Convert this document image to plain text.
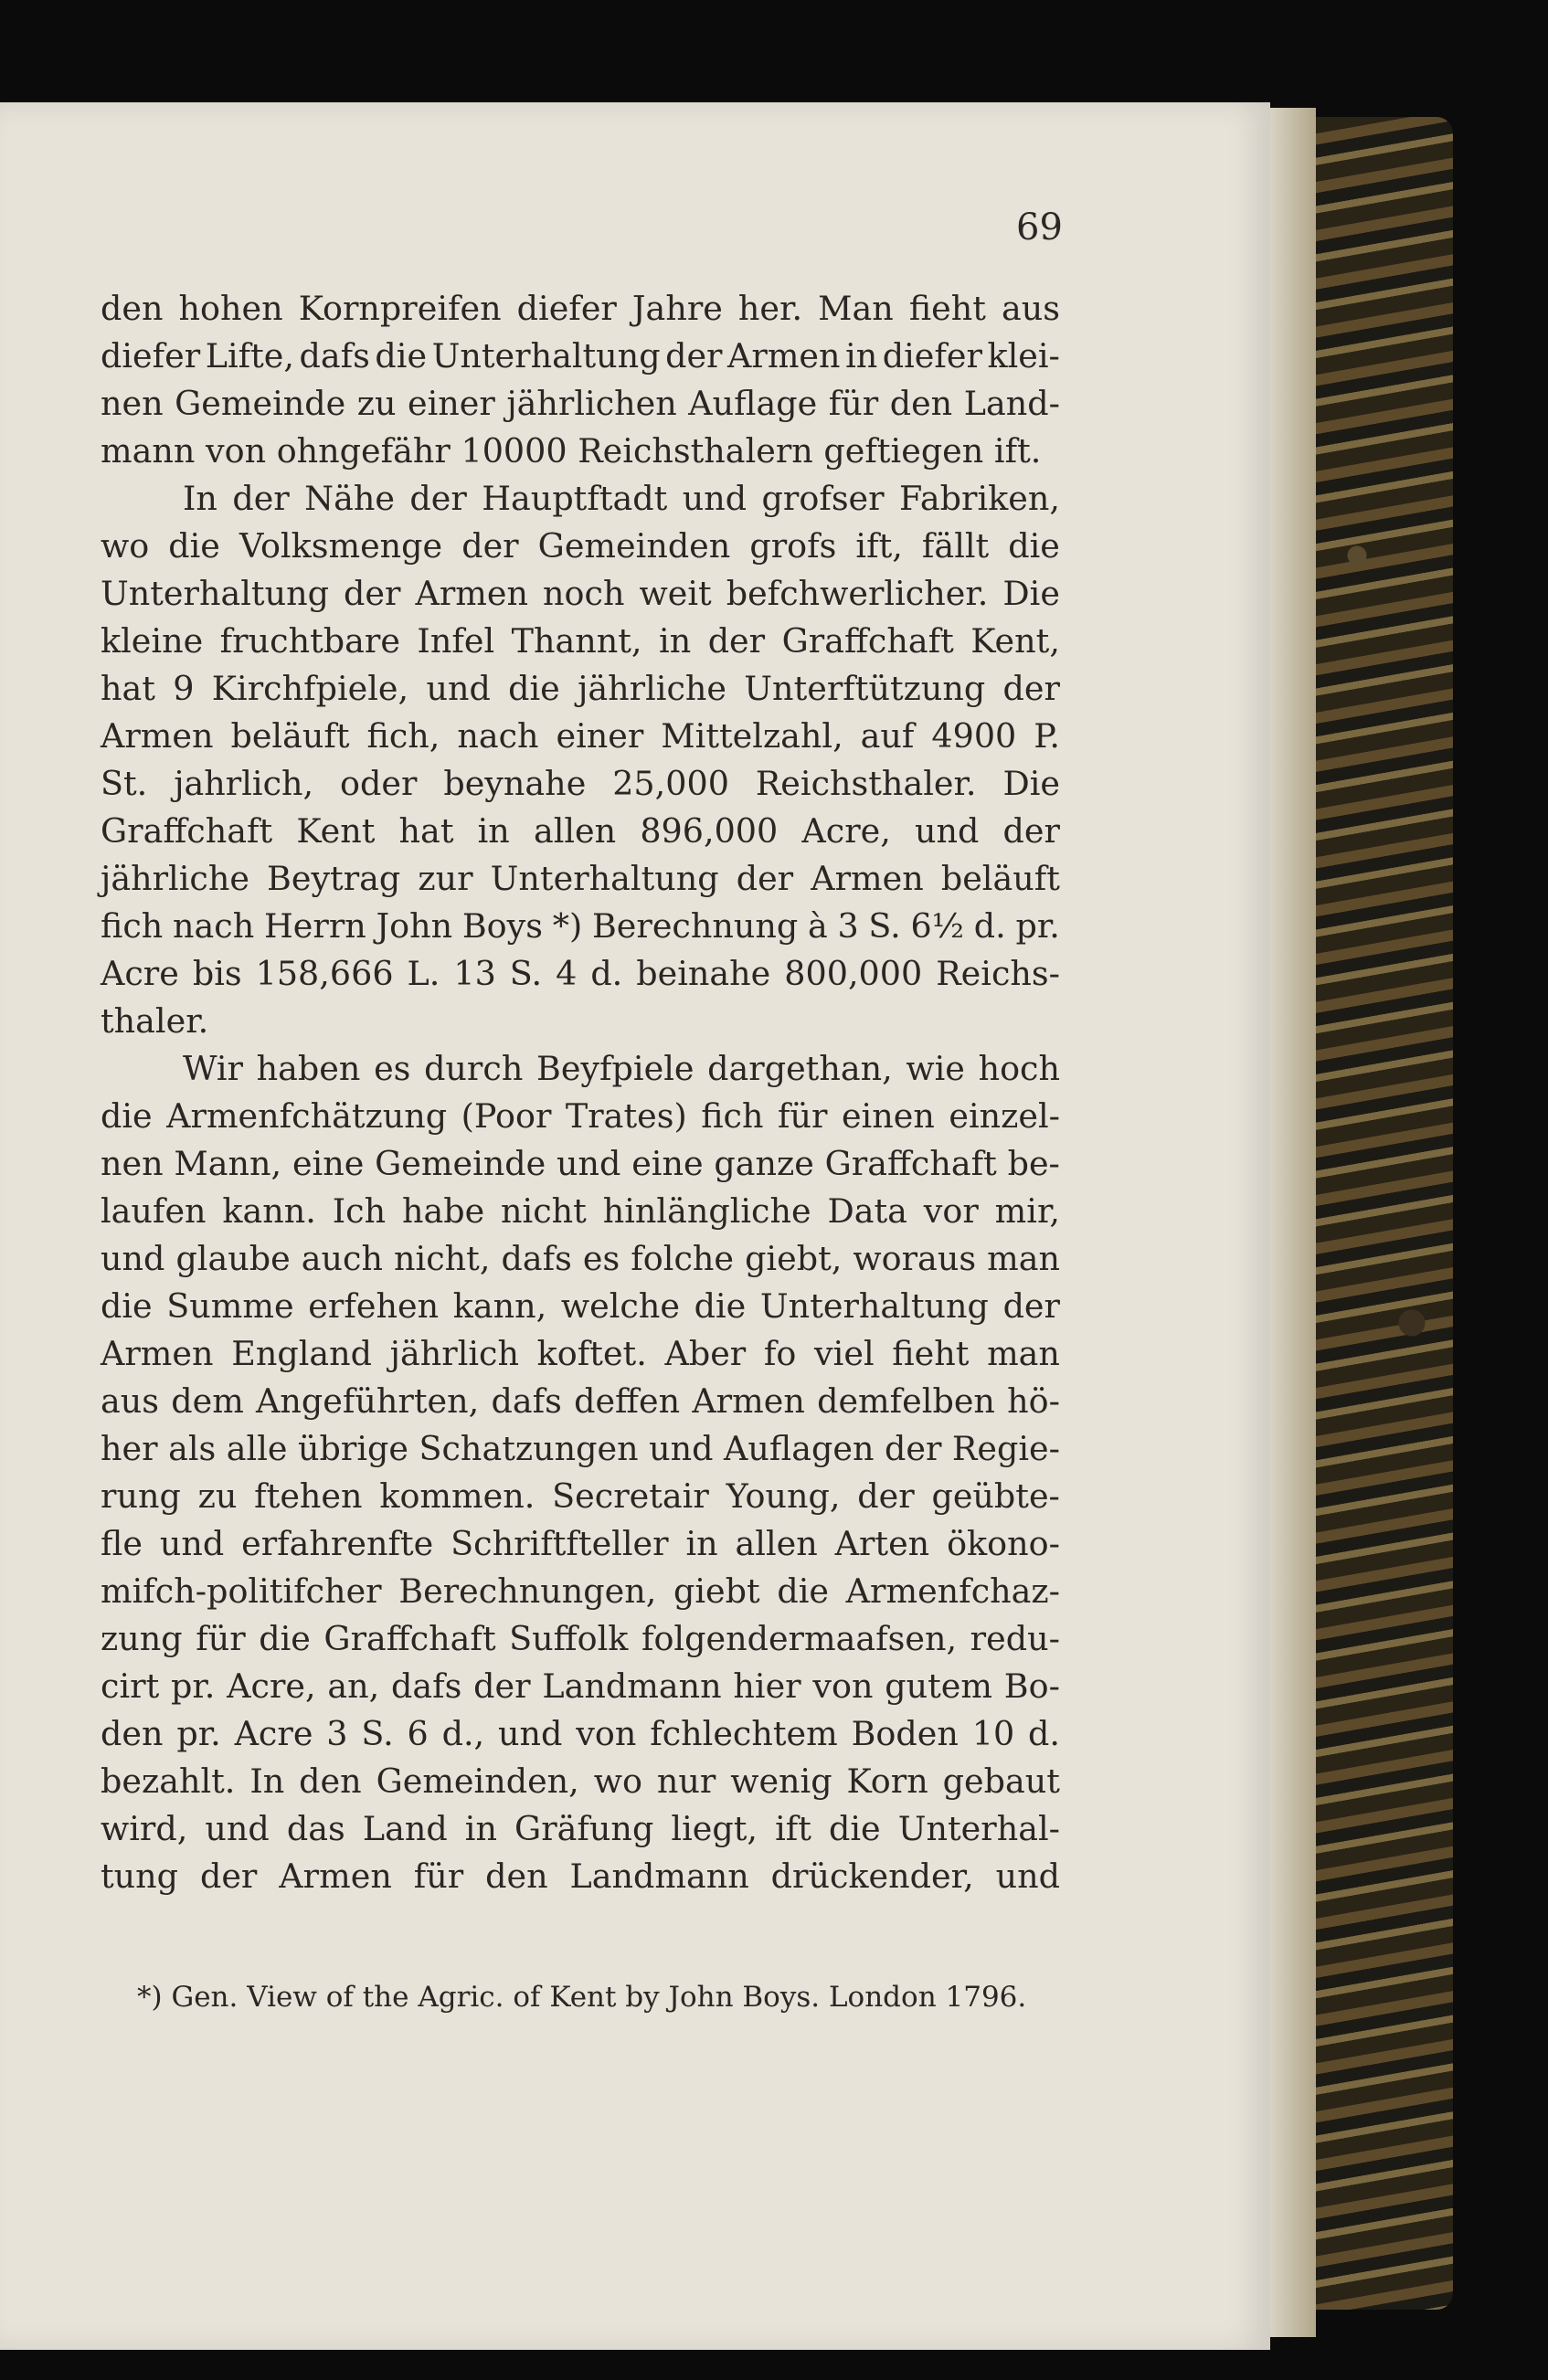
69
den hohen Kornpreifen diefer Jahre her. Man fieht aus
diefer Lifte, dafs die Unterhaltung der Armen in diefer klei-
nen Gemeinde zu einer jährlichen Auflage für den Land-
mann von ohngefähr 10000 Reichsthalern geftiegen ift.
In der Nähe der Hauptftadt und grofser Fabriken,
wo die Volksmenge der Gemeinden grofs ift, fällt die
Unterhaltung der Armen noch weit befchwerlicher. Die
kleine fruchtbare Infel Thannt, in der Graffchaft Kent,
hat 9 Kirchfpiele, und die jährliche Unterftützung der
Armen beläuft fich, nach einer Mittelzahl, auf 4900 P.
St. jahrlich, oder beynahe 25,000 Reichsthaler. Die
Graffchaft Kent hat in allen 896,000 Acre, und der
jährliche Beytrag zur Unterhaltung der Armen beläuft
fich nach Herrn John Boys *) Berechnung à 3 S. 6½ d. pr.
Acre bis 158,666 L. 13 S. 4 d. beinahe 800,000 Reichs-
thaler.
Wir haben es durch Beyfpiele dargethan, wie hoch
die Armenfchätzung (Poor Trates) fich für einen einzel-
nen Mann, eine Gemeinde und eine ganze Graffchaft be-
laufen kann. Ich habe nicht hinlängliche Data vor mir,
und glaube auch nicht, dafs es folche giebt, woraus man
die Summe erfehen kann, welche die Unterhaltung der
Armen England jährlich koftet. Aber fo viel fieht man
aus dem Angeführten, dafs deffen Armen demfelben hö-
her als alle übrige Schatzungen und Auflagen der Regie-
rung zu ftehen kommen. Secretair Young, der geübte-
fle und erfahrenfte Schriftfteller in allen Arten ökono-
mifch-politifcher Berechnungen, giebt die Armenfchaz-
zung für die Graffchaft Suffolk folgendermaafsen, redu-
cirt pr. Acre, an, dafs der Landmann hier von gutem Bo-
den pr. Acre 3 S. 6 d., und von fchlechtem Boden 10 d.
bezahlt. In den Gemeinden, wo nur wenig Korn gebaut
wird, und das Land in Gräfung liegt, ift die Unterhal-
tung der Armen für den Landmann drückender, und
*) Gen. View of the Agric. of Kent by John Boys. London 1796.
